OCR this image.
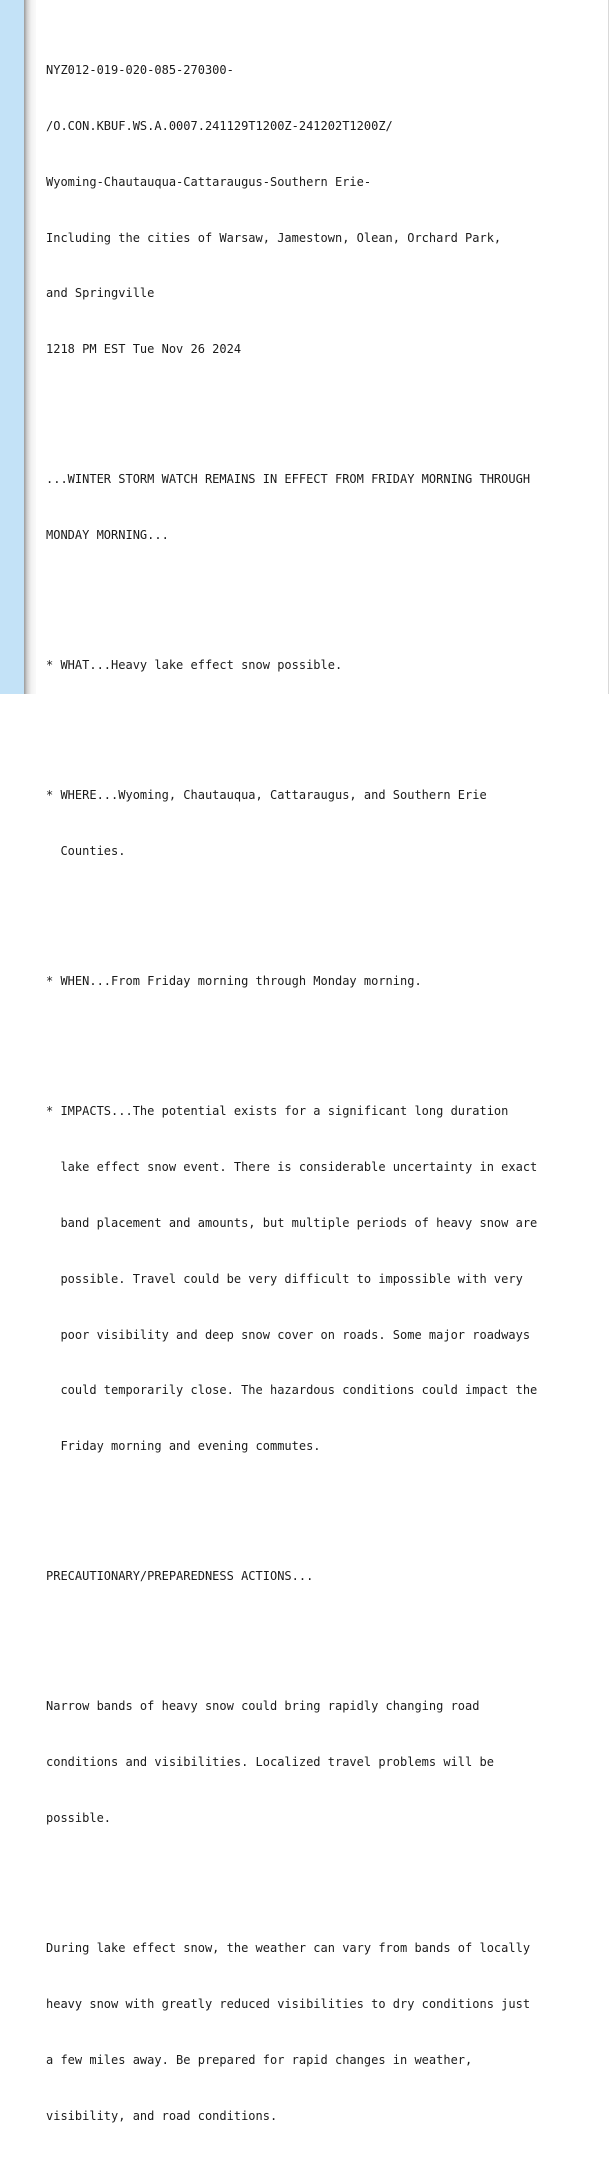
NYZ012-019-020-085-270300-

/O.CON.KBUF.WS.A.0007.241129T1200Z-241202T1200Z/

Wyoming-Chautauqua-Cattaraugus-Southern Erie-

Including the cities of Warsaw, Jamestown, Olean, Orchard Park,

and Springville

1218 PM EST Tue Nov 26 2024

...WINTER STORM WATCH REMAINS IN EFFECT FROM FRIDAY MORNING THROUGH

MONDAY MORNING...

* WHAT...Heavy lake effect snow possible.

* WHERE...Wyoming, Chautauqua, Cattaraugus, and Southern Erie

Counties.

* WHEN...From Friday morning through Monday morning.

* IMPACTS...The potential exists for a significant long duration

lake effect snow event. There is considerable uncertainty in exact

band placement and amounts, but multiple periods of heavy snow are

possible. Travel could be very difficult to impossible with very

poor visibility and deep snow cover on roads. Some major roadways

could temporarily close. The hazardous conditions could impact the

Friday morning and evening commutes.

PRECAUTIONARY/PREPAREDNESS ACTIONS...

Narrow bands of heavy snow could bring rapidly changing road

conditions and visibilities. Localized travel problems will be

possible.

During lake effect snow, the weather can vary from bands of locally

heavy snow with greatly reduced visibilities to dry conditions just

a few miles away. Be prepared for rapid changes in weather,

visibility, and road conditions.
